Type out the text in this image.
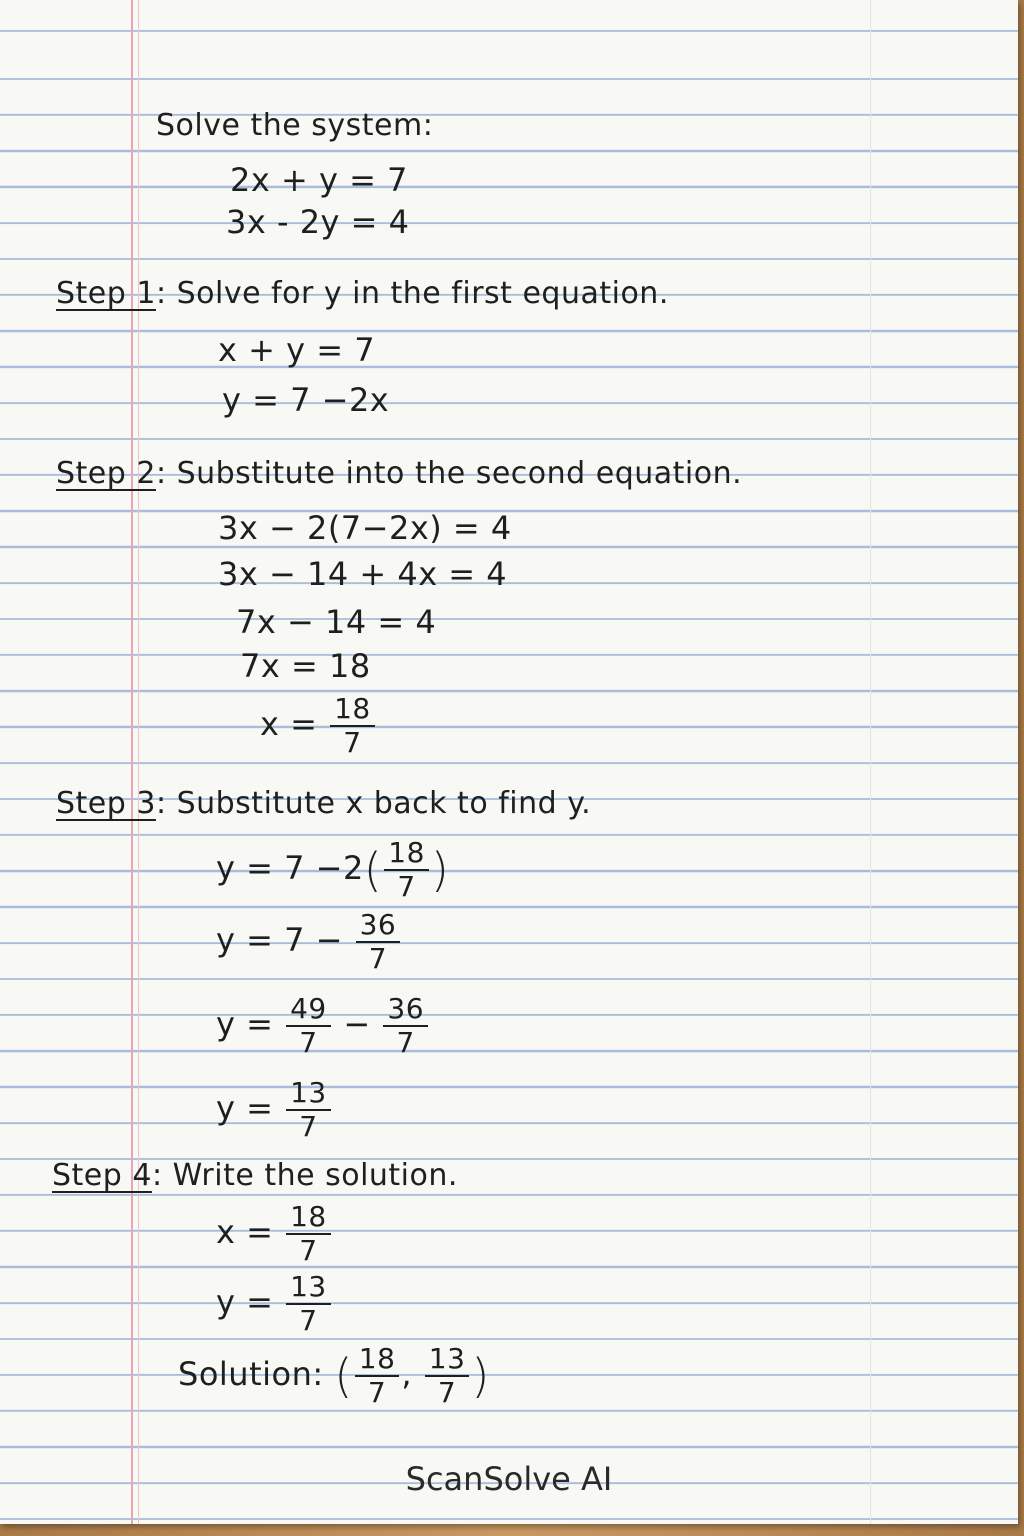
Solve the system:
2x + y = 7
3x - 2y = 4
Step 1: Solve for y in the first equation.
x + y = 7
y = 7 −2x
Step 2: Substitute into the second equation.
3x − 2(7−2x) = 4
3x − 14 + 4x = 4
7x − 14 = 4
7x = 18
$x = \frac{18}{7}$
Step 3: Substitute x back to find y.
$y = 7 -2( \frac{18}{7}$ )
$y = 7 - \frac{36}{7}$
$y = \frac{49}{7} - \frac{36}{7}$
$y = \frac{13}{7}$
Step 4: Write the solution.
$x = \frac{18}{7}$
$y = \frac{13}{7}$
Solution: ( $\frac{18}{7}$ , $\frac{13}{7}$ )
ScanSolve AI
